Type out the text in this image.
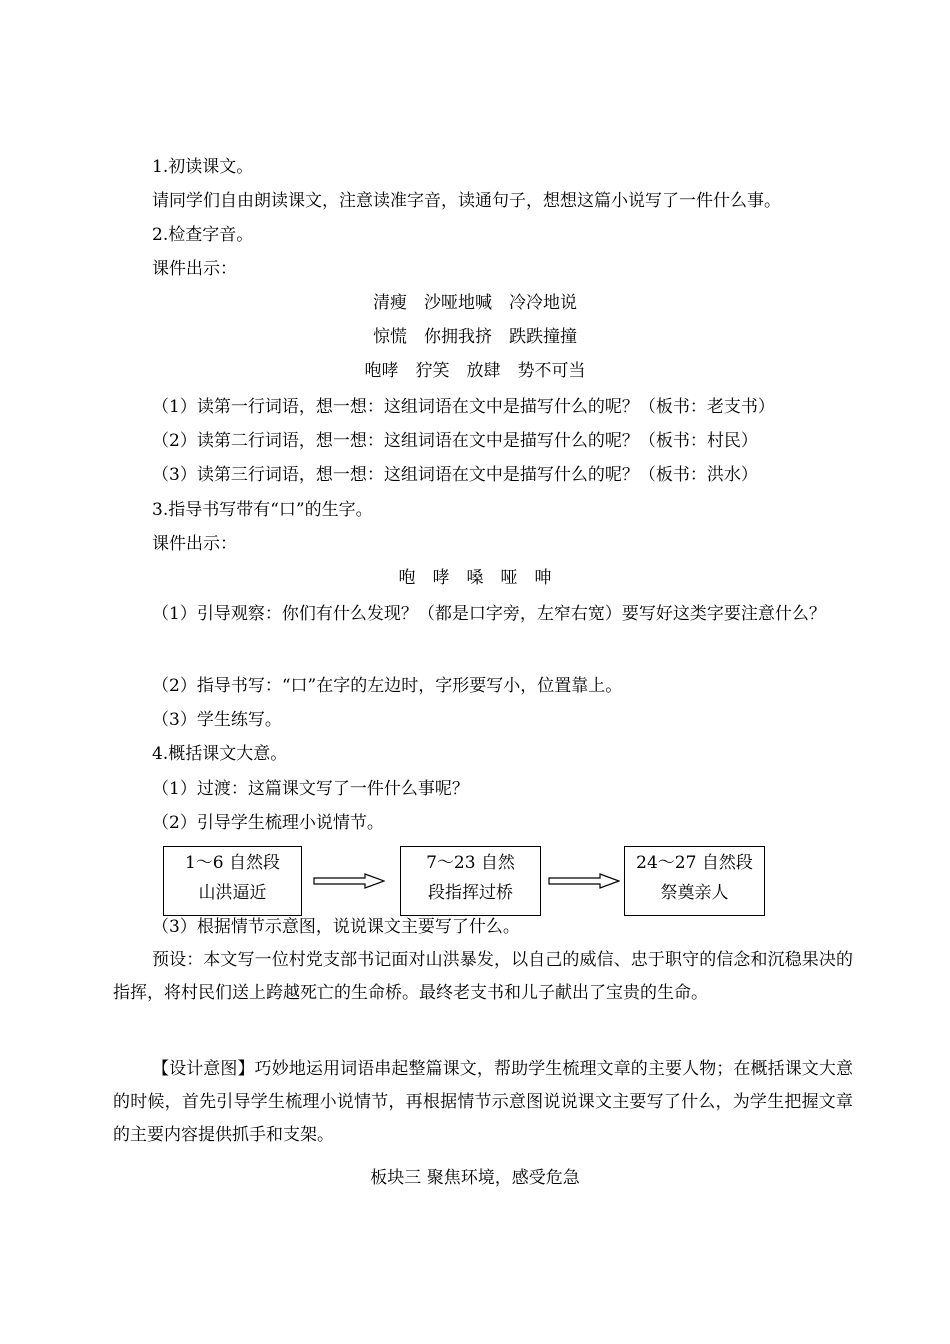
1.初读课文。
请同学们自由朗读课文，注意读准字音，读通句子，想想这篇小说写了一件什么事。
2.检查字音。
课件出示：
清瘦　沙哑地喊　冷冷地说
惊慌　你拥我挤　跌跌撞撞
咆哮　狞笑　放肆　势不可当
（1）读第一行词语，想一想：这组词语在文中是描写什么的呢？（板书：老支书）
（2）读第二行词语，想一想：这组词语在文中是描写什么的呢？（板书：村民）
（3）读第三行词语，想一想：这组词语在文中是描写什么的呢？（板书：洪水）
3.指导书写带有“口”的生字。
课件出示：
咆　哮　嗓　哑　呻
（1）引导观察：你们有什么发现？（都是口字旁，左窄右宽）要写好这类字要注意什么？
（2）指导书写：“口”在字的左边时，字形要写小，位置靠上。
（3）学生练写。
4.概括课文大意。
（1）过渡：这篇课文写了一件什么事呢？
（2）引导学生梳理小说情节。
1～6 自然段
山洪逼近
7～23 自然
段指挥过桥
24～27 自然段
祭奠亲人
（3）根据情节示意图，说说课文主要写了什么。
预设：本文写一位村党支部书记面对山洪暴发，以自己的威信、忠于职守的信念和沉稳果决的指挥，将村民们送上跨越死亡的生命桥。最终老支书和儿子献出了宝贵的生命。
【设计意图】巧妙地运用词语串起整篇课文，帮助学生梳理文章的主要人物；在概括课文大意的时候，首先引导学生梳理小说情节，再根据情节示意图说说课文主要写了什么，为学生把握文章的主要内容提供抓手和支架。
板块三 聚焦环境，感受危急
